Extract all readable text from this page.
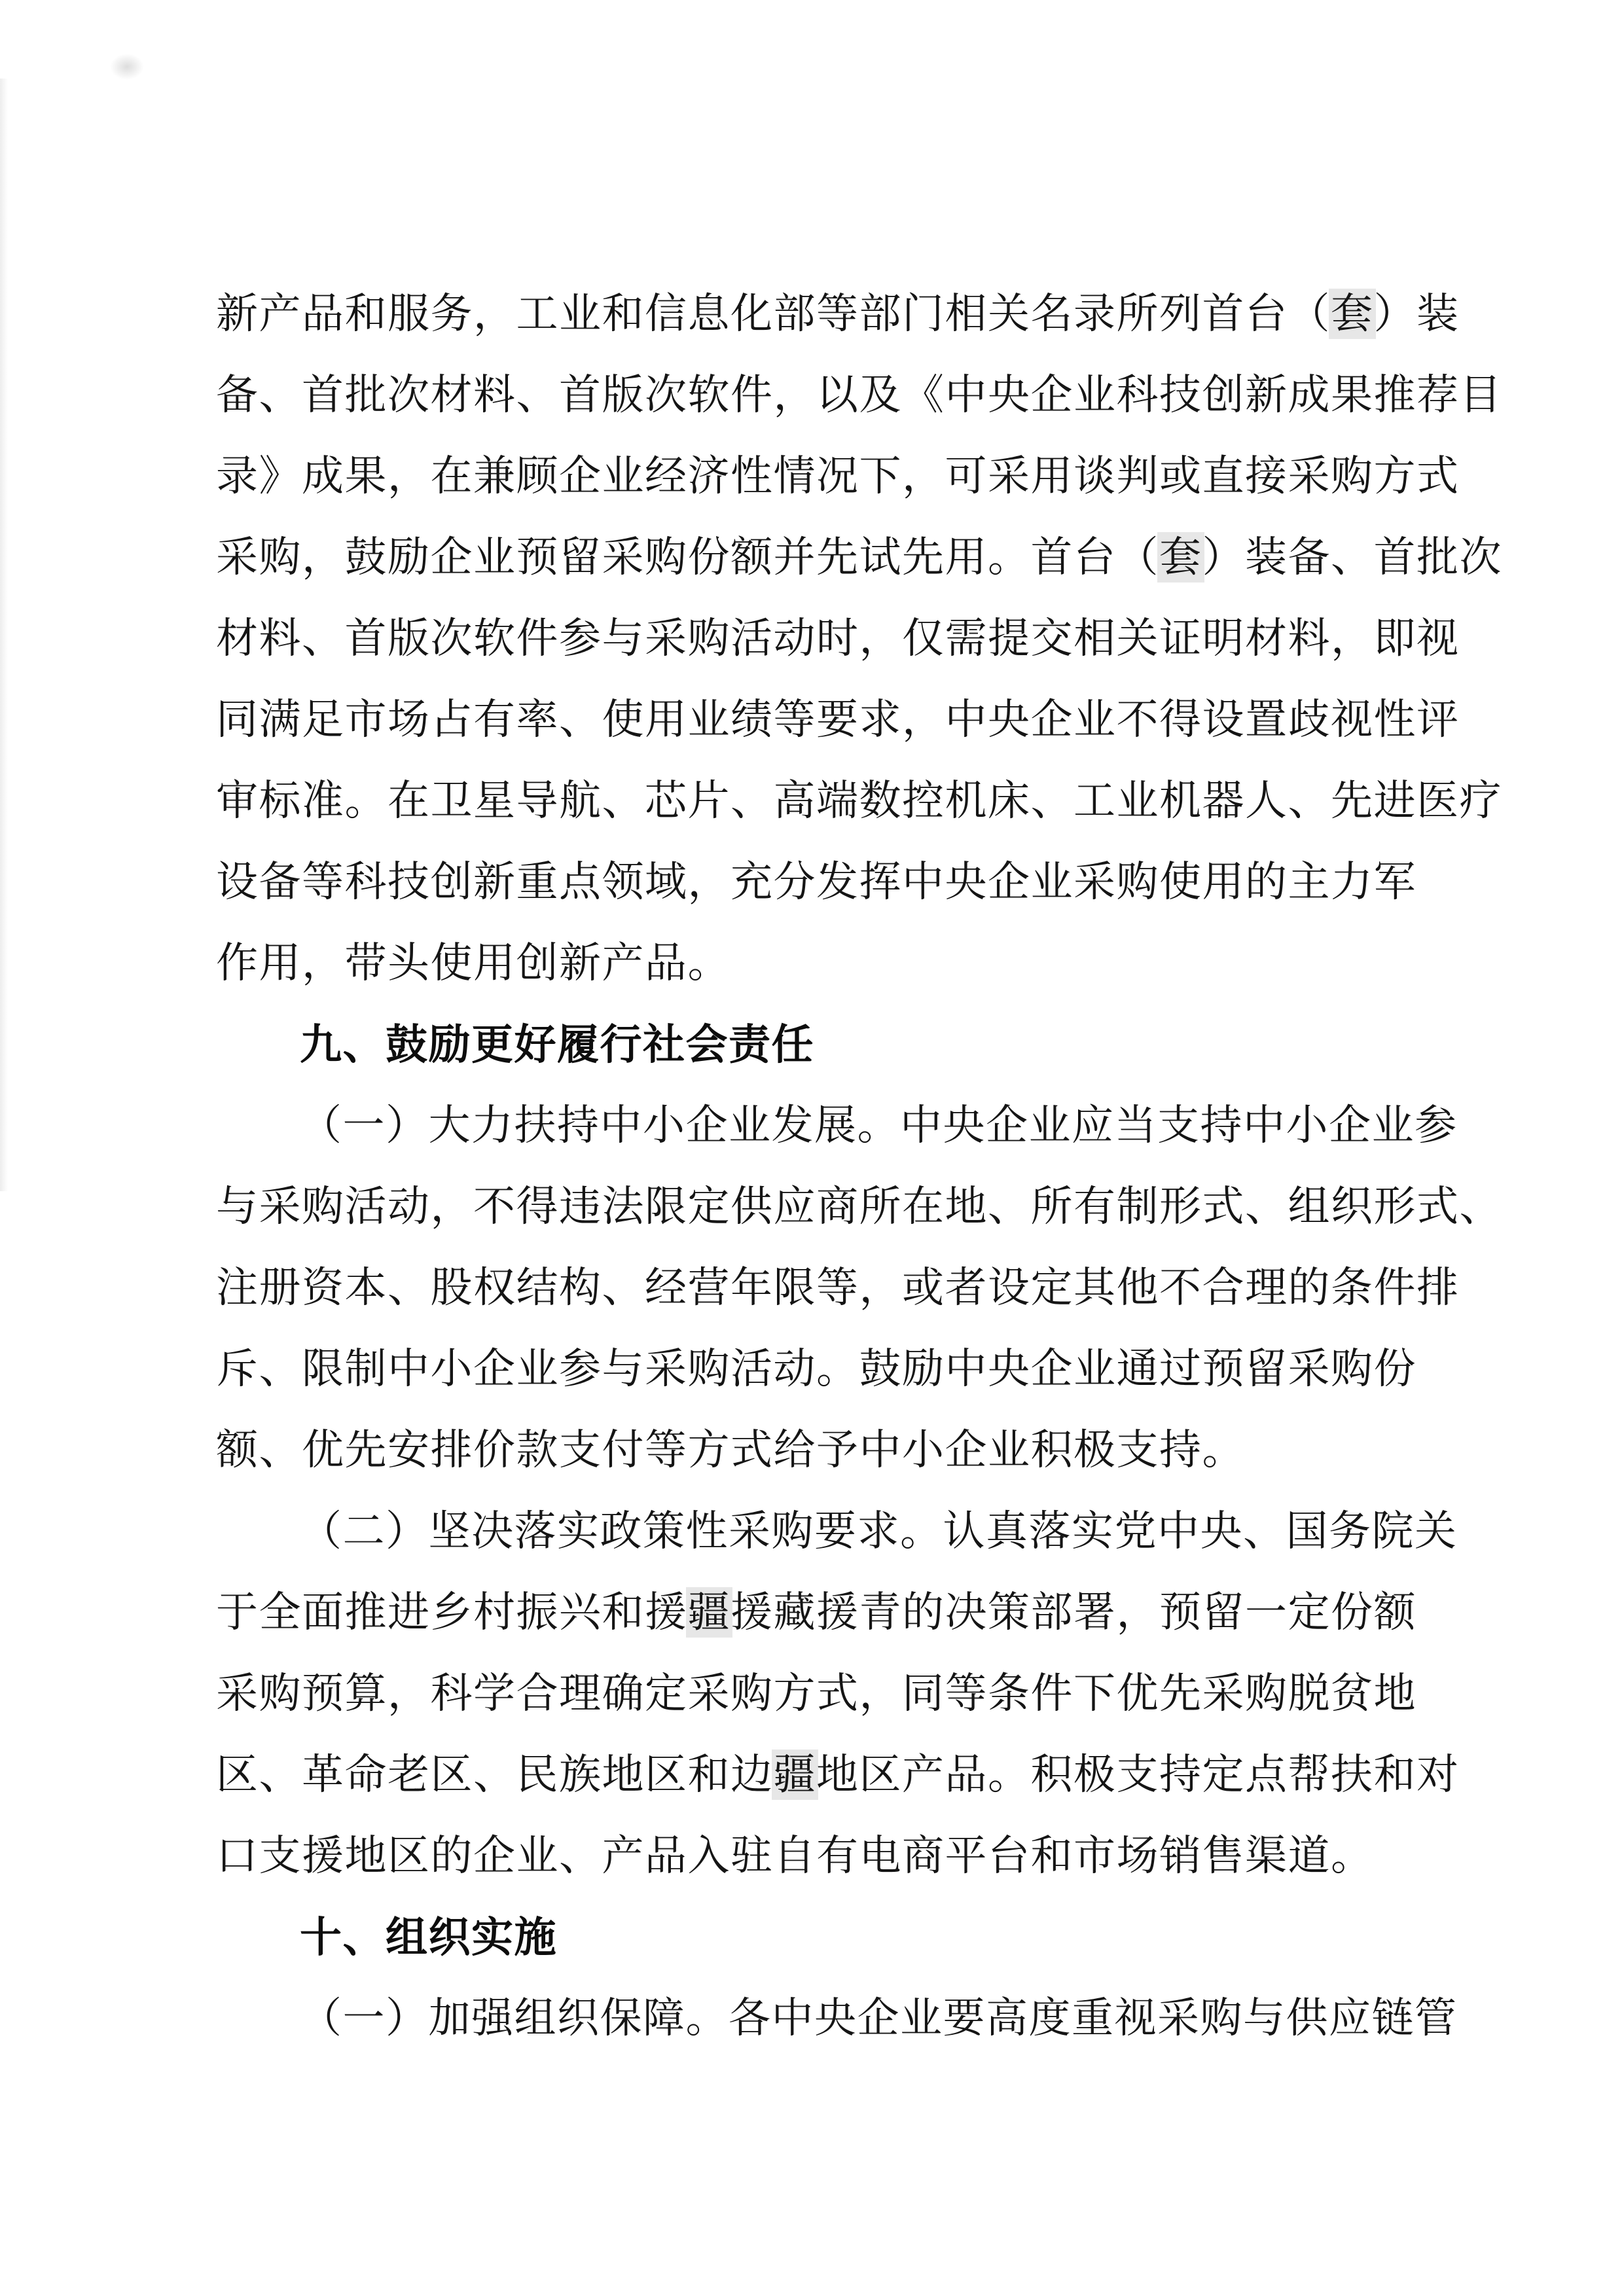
新产品和服务，工业和信息化部等部门相关名录所列首台（套）装
备、首批次材料、首版次软件，以及《中央企业科技创新成果推荐目
录》成果，在兼顾企业经济性情况下，可采用谈判或直接采购方式
采购，鼓励企业预留采购份额并先试先用。首台（套）装备、首批次
材料、首版次软件参与采购活动时，仅需提交相关证明材料，即视
同满足市场占有率、使用业绩等要求，中央企业不得设置歧视性评
审标准。在卫星导航、芯片、高端数控机床、工业机器人、先进医疗
设备等科技创新重点领域，充分发挥中央企业采购使用的主力军
作用，带头使用创新产品。
九、鼓励更好履行社会责任
（一）大力扶持中小企业发展。中央企业应当支持中小企业参
与采购活动，不得违法限定供应商所在地、所有制形式、组织形式、
注册资本、股权结构、经营年限等，或者设定其他不合理的条件排
斥、限制中小企业参与采购活动。鼓励中央企业通过预留采购份
额、优先安排价款支付等方式给予中小企业积极支持。
（二）坚决落实政策性采购要求。认真落实党中央、国务院关
于全面推进乡村振兴和援疆援藏援青的决策部署，预留一定份额
采购预算，科学合理确定采购方式，同等条件下优先采购脱贫地
区、革命老区、民族地区和边疆地区产品。积极支持定点帮扶和对
口支援地区的企业、产品入驻自有电商平台和市场销售渠道。
十、组织实施
（一）加强组织保障。各中央企业要高度重视采购与供应链管
